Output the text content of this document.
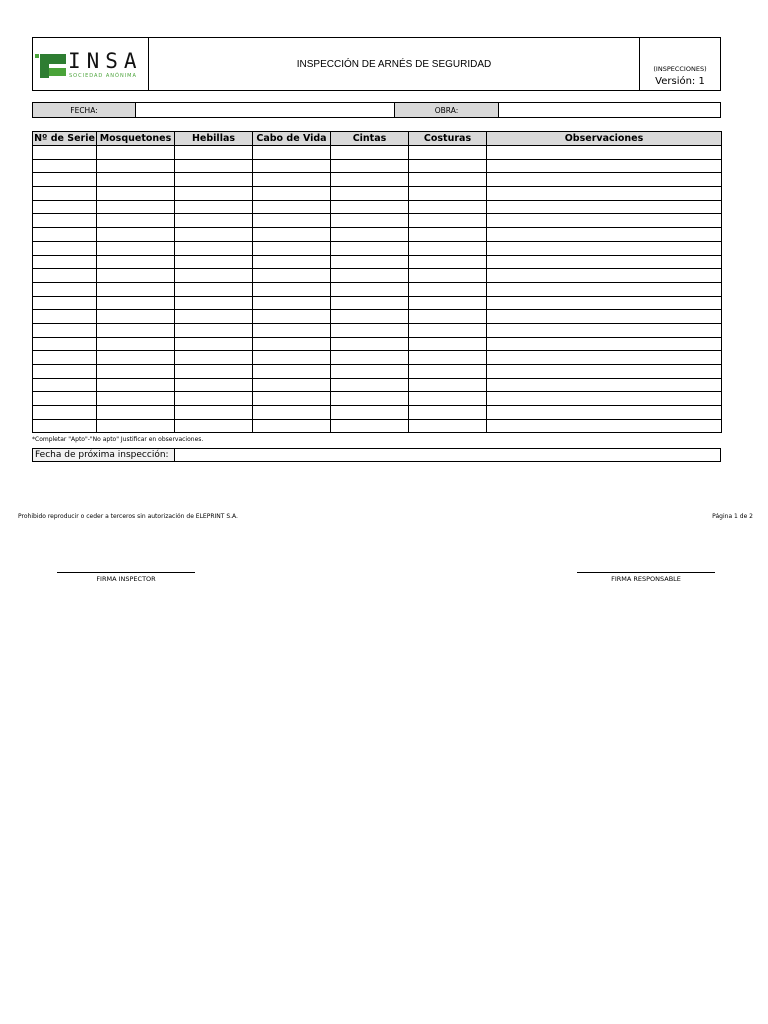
INSA
SOCIEDAD ANÓNIMA
INSPECCIÓN DE ARNÉS DE SEGURIDAD	(INSPECCIONES)
Versión: 1
FECHA:	OBRA:
Nº de Serie	Mosquetones	Hebillas	Cabo de Vida	Cintas	Costuras	Observaciones

*Completar "Apto"-"No apto" Justificar en observaciones.
Fecha de próxima inspección:
Prohibido reproducir o ceder a terceros sin autorización de ELEPRINT S.A.	Página 1 de 2
FIRMA INSPECTOR	FIRMA RESPONSABLE
